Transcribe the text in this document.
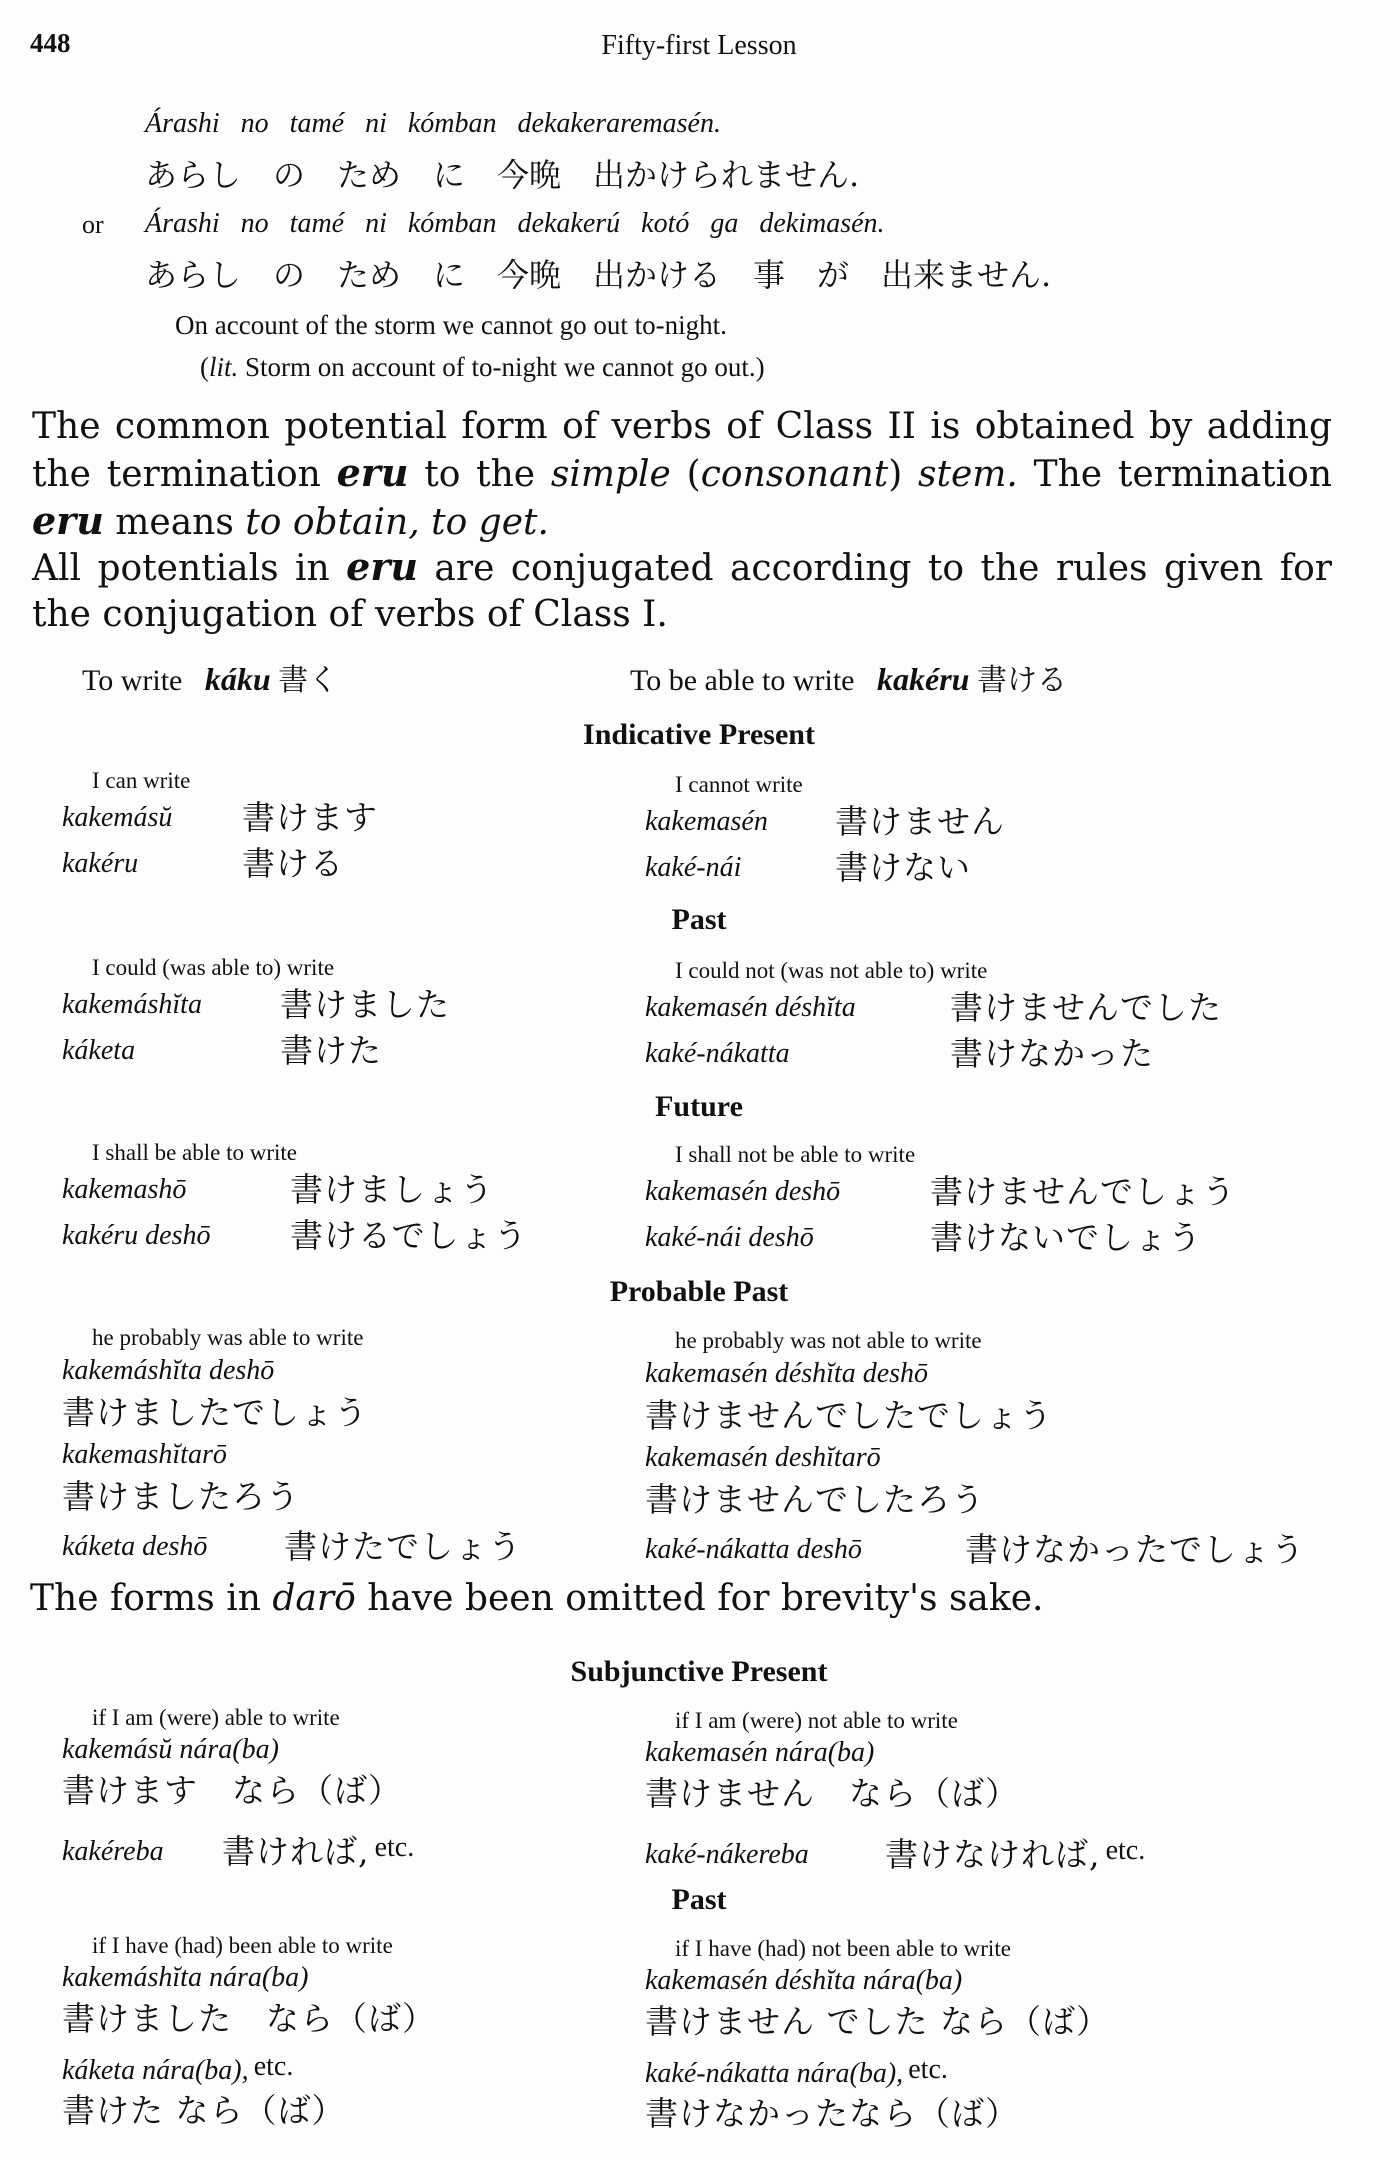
448	Fifty-first Lesson
Árashi   no   tamé   ni   kómban   dekakeraremasén.
あらし　の　ため　に　今晩　出かけられません.
or Árashi   no   tamé   ni   kómban   dekakerú   kotó   ga   dekimasén.
あらし　の　ため　に　今晩　出かける　事　が　出来ません.
On account of the storm we cannot go out to-night.
(lit. Storm on account of to-night we cannot go out.)
The common potential form of verbs of Class II is obtained by adding the termination eru to the simple (consonant) stem. The termination eru means to obtain, to get.
All potentials in eru are conjugated according to the rules given for the conjugation of verbs of Class I.
To write káku 書く	To be able to write kakéru 書ける
Indicative Present
I can write
kakemásŭ 書けます
kakéru	書ける
I cannot write
kakemasén 書けません
kaké-nái	書けない
Past
I could (was able to) write
kakemáshĭta 書けました
káketa	書けた
I could not (was not able to) write
kakemasén déshĭta	書けませんでした
kaké-nákatta	書けなかった
Future
I shall be able to write
kakemashō	書けましょう
kakéru deshō 書けるでしょう
I shall not be able to write
kakemasén deshō	書けませんでしょう
kaké-nái deshō	書けないでしょう
Probable Past
he probably was able to write
kakemáshĭta deshō
書けましたでしょう
kakemashĭtarō
書けましたろう
káketa deshō 書けたでしょう
he probably was not able to write
kakemasén déshĭta deshō
書けませんでしたでしょう
kakemasén deshĭtarō
書けませんでしたろう
kaké-nákatta deshō	書けなかったでしょう
The forms in darō have been omitted for brevity's sake.
Subjunctive Present
if I am (were) able to write
kakemásŭ nára(ba)
書けます　なら（ば）
kakéreba 書ければ, etc.
if I am (were) not able to write
kakemasén nára(ba)
書けません　なら（ば）
kaké-nákereba 書けなければ, etc.
Past
if I have (had) been able to write
kakemáshĭta nára(ba)
書けました　なら（ば）
káketa nára(ba), etc.
書けた なら（ば）
if I have (had) not been able to write
kakemasén déshĭta nára(ba)
書けません でした なら（ば）
kaké-nákatta nára(ba), etc.
書けなかったなら（ば）
